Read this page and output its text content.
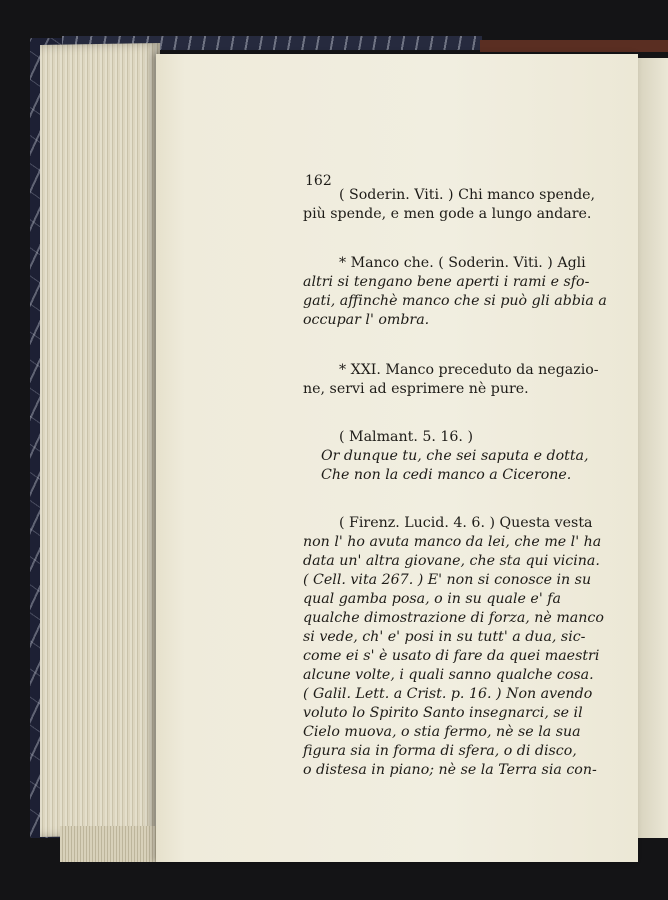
162
( Soderin. Viti. ) Chi manco spende,
più spende, e men gode a lungo andare.
* Manco che. ( Soderin. Viti. ) Agli
altri si tengano bene aperti i rami e sfo-
gati, affinchè manco che si può gli abbia a
occupar l' ombra.
* XXI. Manco preceduto da negazio-
ne, servi ad esprimere nè pure.
( Malmant. 5. 16. )
Or dunque tu, che sei saputa e dotta,
Che non la cedi manco a Cicerone.
( Firenz. Lucid. 4. 6. ) Questa vesta
non l' ho avuta manco da lei, che me l' ha
data un' altra giovane, che sta qui vicina.
( Cell. vita 267. ) E' non si conosce in su
qual gamba posa, o in su quale e' fa
qualche dimostrazione di forza, nè manco
si vede, ch' e' posi in su tutt' a dua, sic-
come ei s' è usato di fare da quei maestri
alcune volte, i quali sanno qualche cosa.
( Galil. Lett. a Crist. p. 16. ) Non avendo
voluto lo Spirito Santo insegnarci, se il
Cielo muova, o stia fermo, nè se la sua
figura sia in forma di sfera, o di disco,
o distesa in piano; nè se la Terra sia con-
